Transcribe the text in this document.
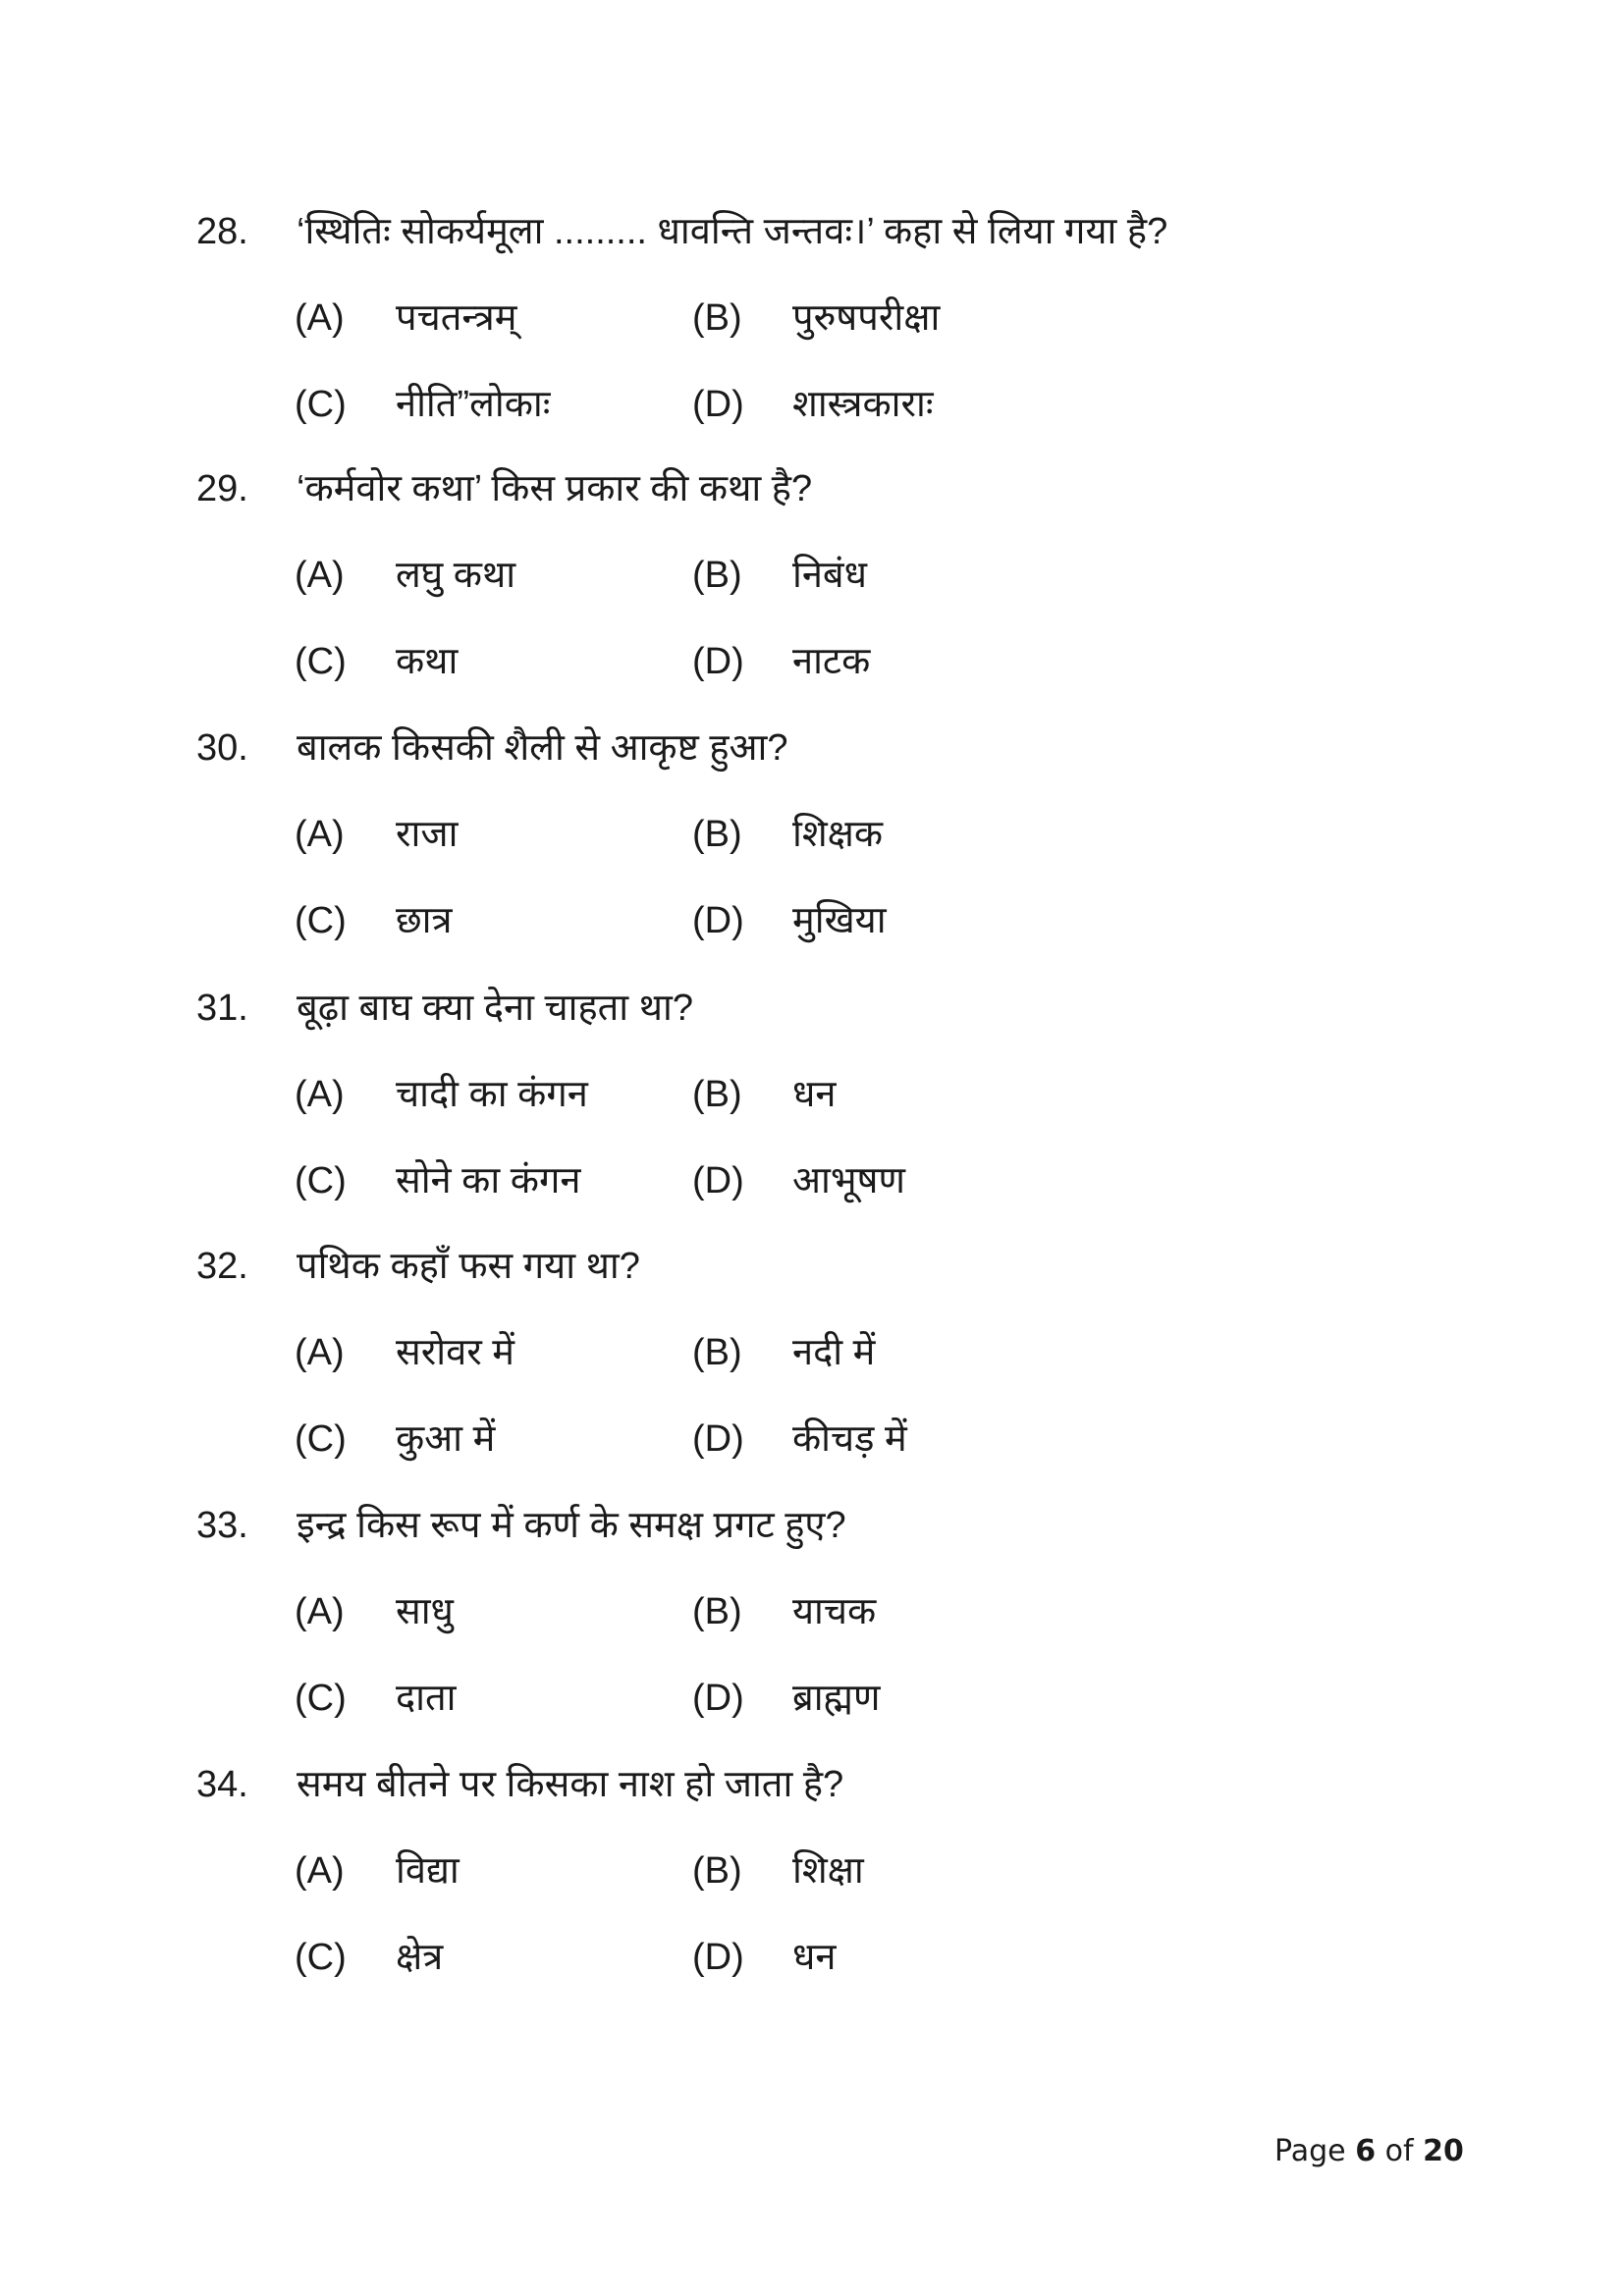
28. ‘स्थितिः सोकर्यमूला ......... धावन्ति जन्तवः।’ कहा से लिया गया है?
(A) पचतन्त्रम्	(B) पुरुषपरीक्षा
(C) नीति”लोकाः	(D) शास्त्रकाराः
29. ‘कर्मवोर कथा’ किस प्रकार की कथा है?
(A) लघु कथा	(B) निबंध
(C) कथा	(D) नाटक
30. बालक किसकी शैली से आकृष्ट हुआ?
(A) राजा	(B) शिक्षक
(C) छात्र	(D) मुखिया
31. बूढ़ा बाघ क्या देना चाहता था?
(A) चादी का कंगन	(B) धन
(C) सोने का कंगन	(D) आभूषण
32. पथिक कहाँ फस गया था?
(A) सरोवर में	(B) नदी में
(C) कुआ में	(D) कीचड़ में
33. इन्द्र किस रूप में कर्ण के समक्ष प्रगट हुए?
(A) साधु	(B) याचक
(C) दाता	(D) ब्राह्मण
34. समय बीतने पर किसका नाश हो जाता है?
(A) विद्या	(B) शिक्षा
(C) क्षेत्र	(D) धन
Page 6 of 20
